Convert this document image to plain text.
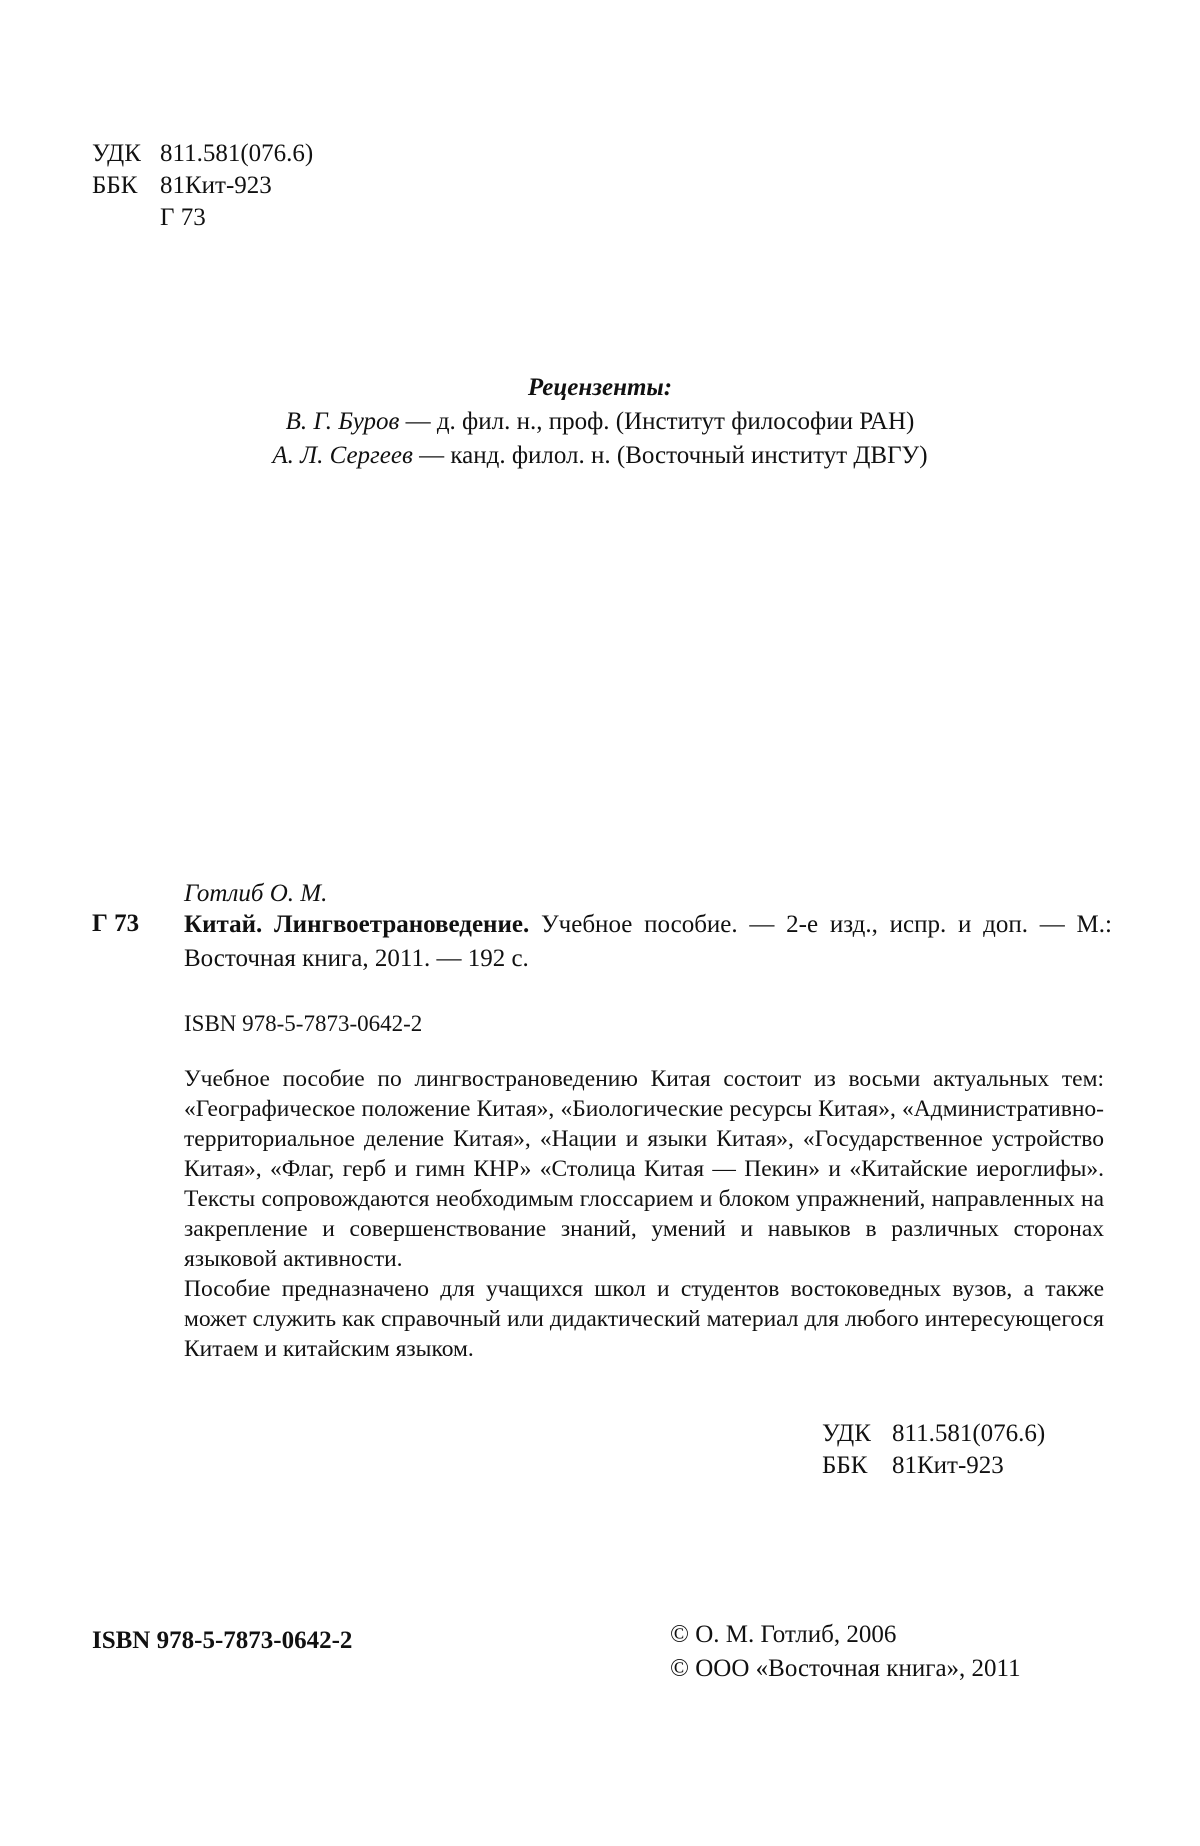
УДК 811.581(076.6)
ББК 81Кит-923
Г 73
Рецензенты:
В. Г. Буров — д. фил. н., проф. (Институт философии РАН)
А. Л. Сергеев — канд. филол. н. (Восточный институт ДВГУ)
Готлиб О. М.
Г 73 Китай. Лингвоетрановедение. Учебное пособие. — 2-е изд., испр. и доп. — М.: Восточная книга, 2011. — 192 с.
ISBN 978-5-7873-0642-2

Учебное пособие по лингвострановедению Китая состоит из восьми актуальных тем: «Географическое положение Китая», «Биологические ресурсы Китая», «Административно-территориальное деление Китая», «Нации и языки Китая», «Государственное устройство Китая», «Флаг, герб и гимн КНР» «Столица Китая — Пекин» и «Китайские иероглифы». Тексты сопровождаются необходимым глоссарием и блоком упражнений, направленных на закрепление и совершенствование знаний, умений и навыков в различных сторонах языковой активности.

Пособие предназначено для учащихся школ и студентов востоковедных вузов, а также может служить как справочный или дидактический материал для любого интересующегося Китаем и китайским языком.

УДК 811.581(076.6)
ББК 81Кит-923
ISBN 978-5-7873-0642-2	© О. М. Готлиб, 2006
© ООО «Восточная книга», 2011
